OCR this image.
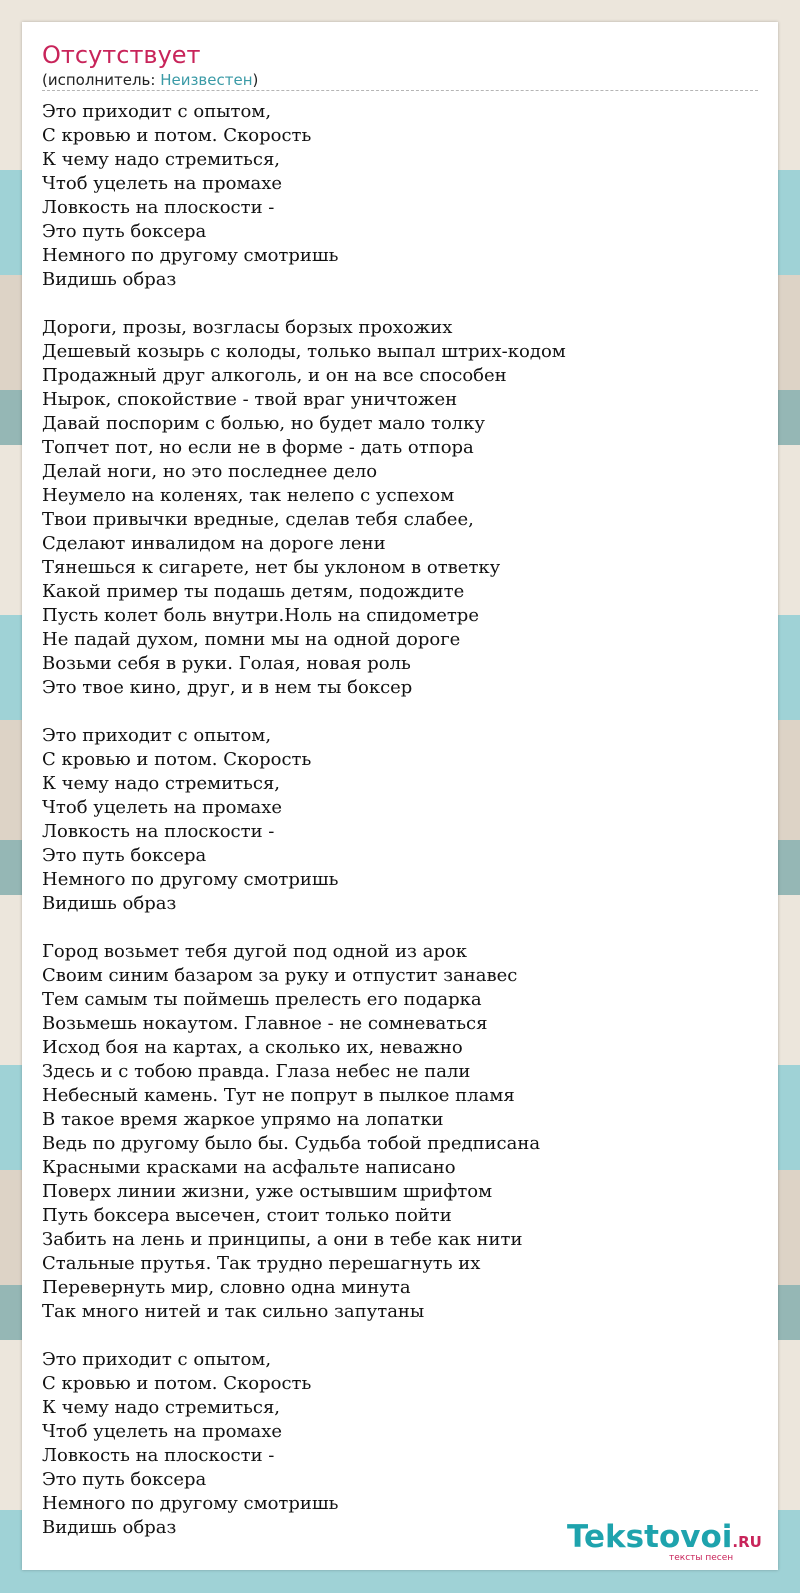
Отсутствует
(исполнитель: Неизвестен)
Это приходит с опытом,
С кровью и потом. Скорость
К чему надо стремиться,
Чтоб уцелеть на промахе
Ловкость на плоскости -
Это путь боксера
Немного по другому смотришь
Видишь образ
Дороги, прозы, возгласы борзых прохожих
Дешевый козырь с колоды, только выпал штрих-кодом
Продажный друг алкоголь, и он на все способен
Нырок, спокойствие - твой враг уничтожен
Давай поспорим с болью, но будет мало толку
Топчет пот, но если не в форме - дать отпора
Делай ноги, но это последнее дело
Неумело на коленях, так нелепо с успехом
Твои привычки вредные, сделав тебя слабее,
Сделают инвалидом на дороге лени
Тянешься к сигарете, нет бы уклоном в ответку
Какой пример ты подашь детям, подождите
Пусть колет боль внутри.Ноль на спидометре
Не падай духом, помни мы на одной дороге
Возьми себя в руки. Голая, новая роль
Это твое кино, друг, и в нем ты боксер
Это приходит с опытом,
С кровью и потом. Скорость
К чему надо стремиться,
Чтоб уцелеть на промахе
Ловкость на плоскости -
Это путь боксера
Немного по другому смотришь
Видишь образ
Город возьмет тебя дугой под одной из арок
Своим синим базаром за руку и отпустит занавес
Тем самым ты поймешь прелесть его подарка
Возьмешь нокаутом. Главное - не сомневаться
Исход боя на картах, а сколько их, неважно
Здесь и с тобою правда. Глаза небес не пали
Небесный камень. Тут не попрут в пылкое пламя
В такое время жаркое упрямо на лопатки
Ведь по другому было бы. Судьба тобой предписана
Красными красками на асфальте написано
Поверх линии жизни, уже остывшим шрифтом
Путь боксера высечен, стоит только пойти
Забить на лень и принципы, а они в тебе как нити
Стальные прутья. Так трудно перешагнуть их
Перевернуть мир, словно одна минута
Так много нитей и так сильно запутаны
Это приходит с опытом,
С кровью и потом. Скорость
К чему надо стремиться,
Чтоб уцелеть на промахе
Ловкость на плоскости -
Это путь боксера
Немного по другому смотришь
Видишь образ	Tekstovoi.RU
тексты песен
